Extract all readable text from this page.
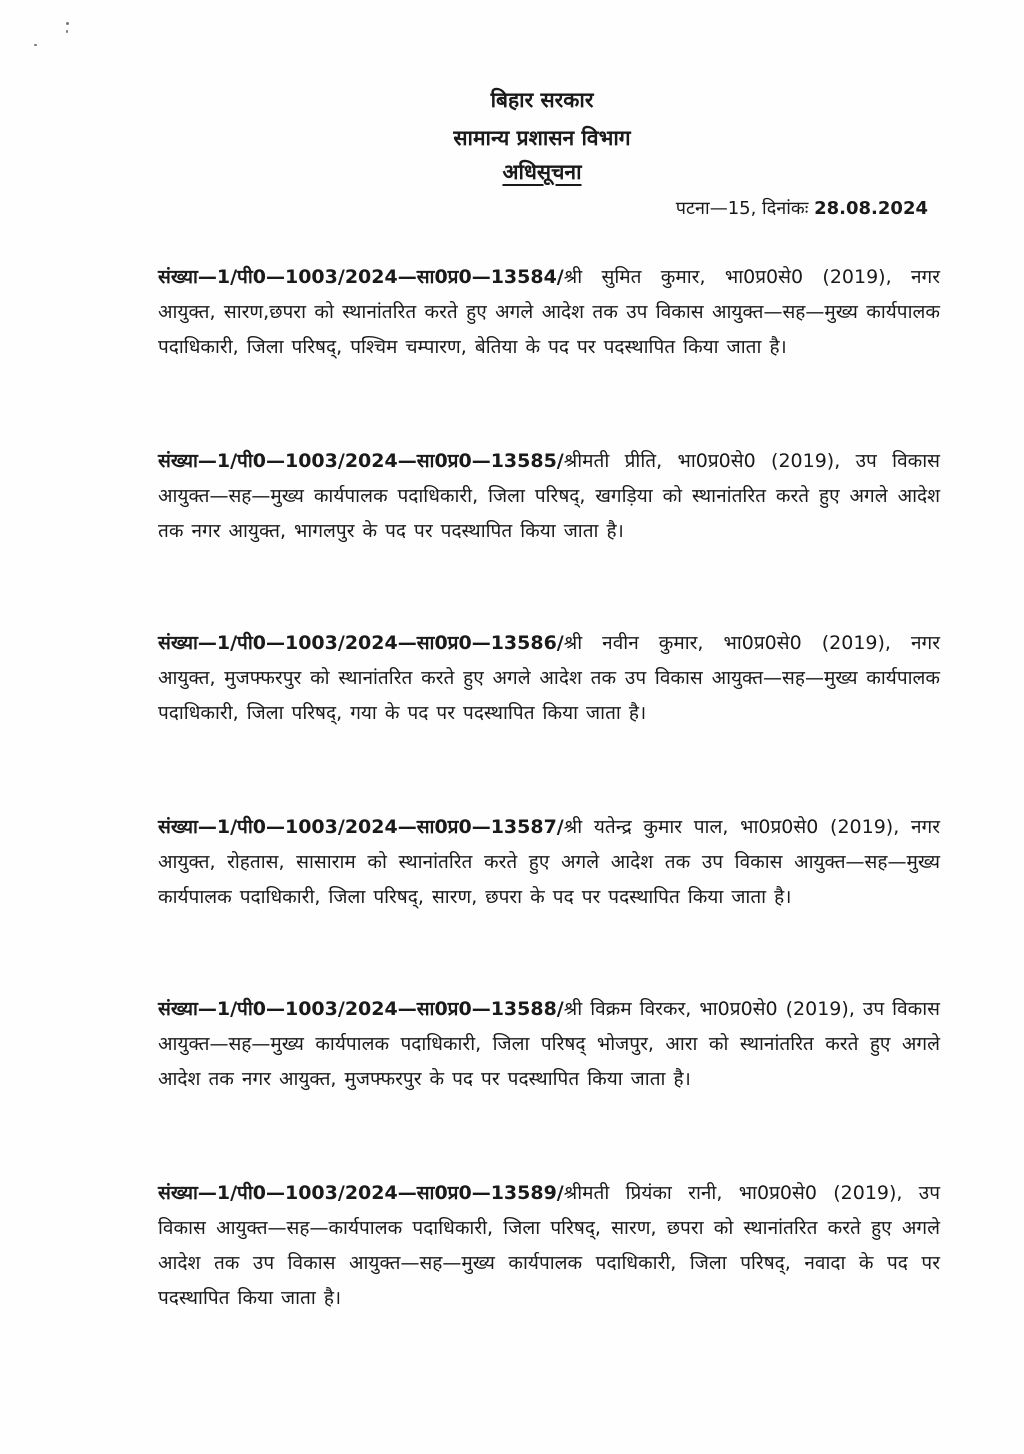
बिहार सरकार
सामान्य प्रशासन विभाग
अधिसूचना
पटना—15, दिनांकः 28.08.2024
संख्या—1/पी0—1003/2024—सा0प्र0—13584/श्री सुमित कुमार, भा0प्र0से0 (2019), नगर आयुक्त, सारण,छपरा को स्थानांतरित करते हुए अगले आदेश तक उप विकास आयुक्त—सह—मुख्य कार्यपालक पदाधिकारी, जिला परिषद्, पश्चिम चम्पारण, बेतिया के पद पर पदस्थापित किया जाता है।
संख्या—1/पी0—1003/2024—सा0प्र0—13585/श्रीमती प्रीति, भा0प्र0से0 (2019), उप विकास आयुक्त—सह—मुख्य कार्यपालक पदाधिकारी, जिला परिषद्, खगड़िया को स्थानांतरित करते हुए अगले आदेश तक नगर आयुक्त, भागलपुर के पद पर पदस्थापित किया जाता है।
संख्या—1/पी0—1003/2024—सा0प्र0—13586/श्री नवीन कुमार, भा0प्र0से0 (2019), नगर आयुक्त, मुजफ्फरपुर को स्थानांतरित करते हुए अगले आदेश तक उप विकास आयुक्त—सह—मुख्य कार्यपालक पदाधिकारी, जिला परिषद्, गया के पद पर पदस्थापित किया जाता है।
संख्या—1/पी0—1003/2024—सा0प्र0—13587/श्री यतेन्द्र कुमार पाल, भा0प्र0से0 (2019), नगर आयुक्त, रोहतास, सासाराम को स्थानांतरित करते हुए अगले आदेश तक उप विकास आयुक्त—सह—मुख्य कार्यपालक पदाधिकारी, जिला परिषद्, सारण, छपरा के पद पर पदस्थापित किया जाता है।
संख्या—1/पी0—1003/2024—सा0प्र0—13588/श्री विक्रम विरकर, भा0प्र0से0 (2019), उप विकास आयुक्त—सह—मुख्य कार्यपालक पदाधिकारी, जिला परिषद् भोजपुर, आरा को स्थानांतरित करते हुए अगले आदेश तक नगर आयुक्त, मुजफ्फरपुर के पद पर पदस्थापित किया जाता है।
संख्या—1/पी0—1003/2024—सा0प्र0—13589/श्रीमती प्रियंका रानी, भा0प्र0से0 (2019), उप विकास आयुक्त—सह—कार्यपालक पदाधिकारी, जिला परिषद्, सारण, छपरा को स्थानांतरित करते हुए अगले आदेश तक उप विकास आयुक्त—सह—मुख्य कार्यपालक पदाधिकारी, जिला परिषद्, नवादा के पद पर पदस्थापित किया जाता है।
